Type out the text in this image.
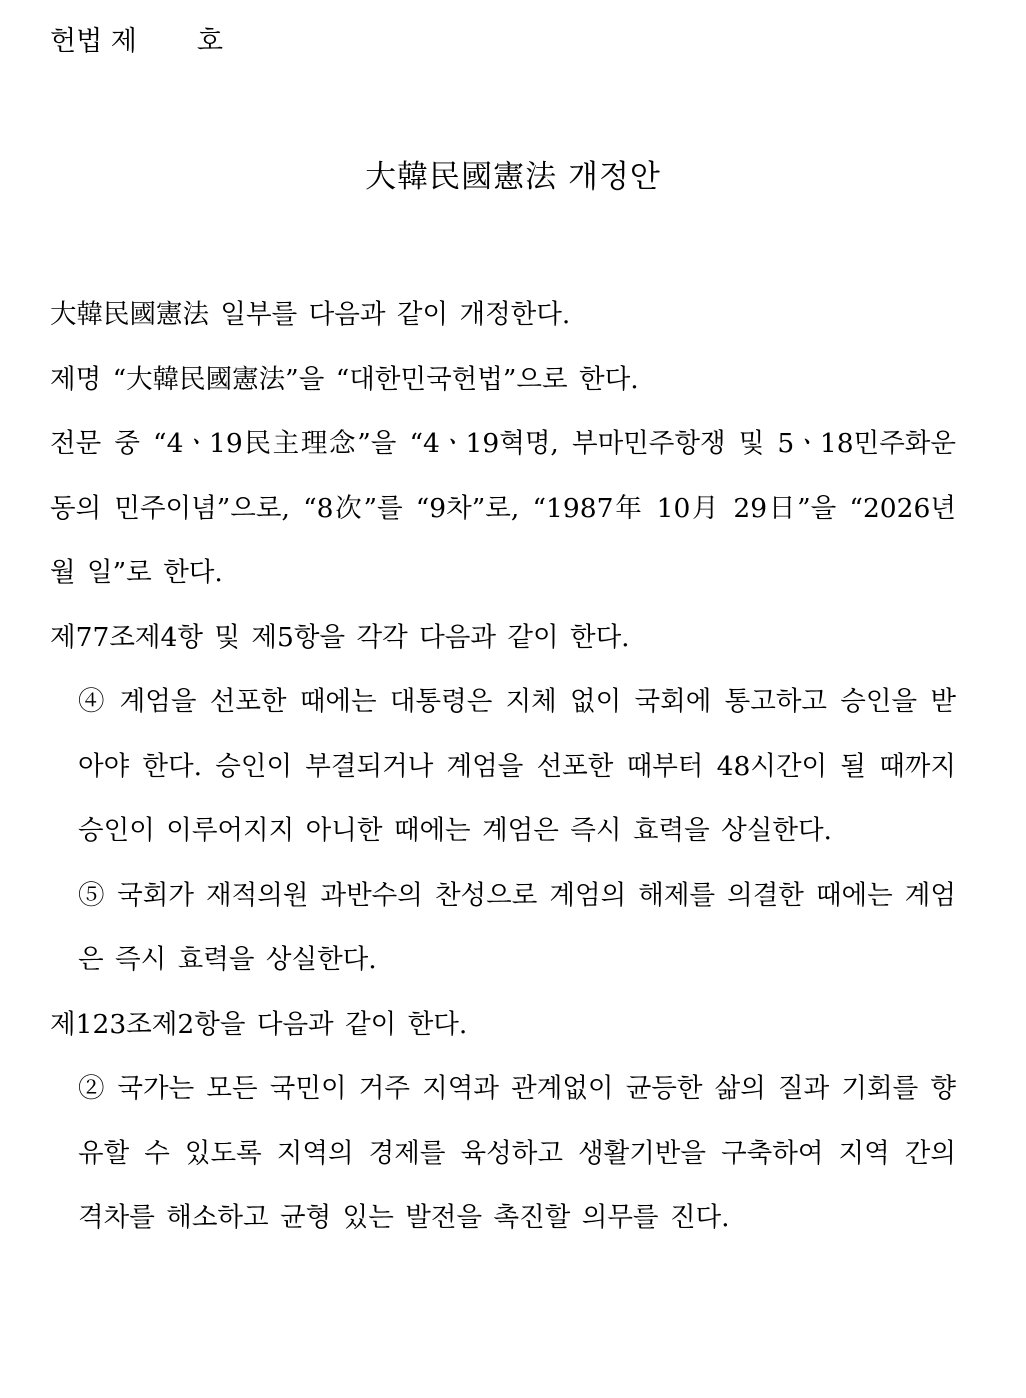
헌법 제       호
大韓民國憲法 개정안

大韓民國憲法 일부를 다음과 같이 개정한다.

제명 “大韓民國憲法”을 “대한민국헌법”으로 한다.

전문 중 “4ㆍ19民主理念”을 “4ㆍ19혁명, 부마민주항쟁 및 5ㆍ18민주화운동의 민주이념”으로, “8次”를 “9차”로, “1987年 10月 29日”을 “2026년 월 일”로 한다.

제77조제4항 및 제5항을 각각 다음과 같이 한다.

④ 계엄을 선포한 때에는 대통령은 지체 없이 국회에 통고하고 승인을 받아야 한다. 승인이 부결되거나 계엄을 선포한 때부터 48시간이 될 때까지 승인이 이루어지지 아니한 때에는 계엄은 즉시 효력을 상실한다.

⑤ 국회가 재적의원 과반수의 찬성으로 계엄의 해제를 의결한 때에는 계엄은 즉시 효력을 상실한다.

제123조제2항을 다음과 같이 한다.

② 국가는 모든 국민이 거주 지역과 관계없이 균등한 삶의 질과 기회를 향유할 수 있도록 지역의 경제를 육성하고 생활기반을 구축하여 지역 간의 격차를 해소하고 균형 있는 발전을 촉진할 의무를 진다.
